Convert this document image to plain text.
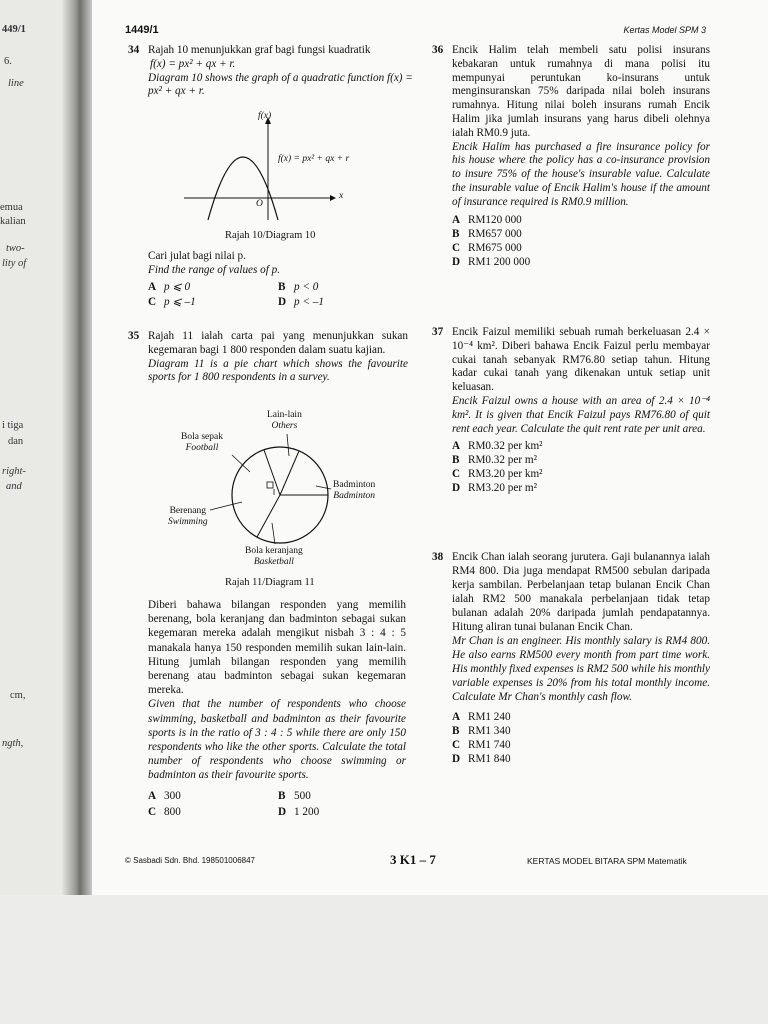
449/1
6.
line
emua
kalian
two-
lity of
i tiga
dan
right-
and
cm,
ngth,
1449/1	Kertas Model SPM 3
34 Rajah 10 menunjukkan graf bagi fungsi kuadratik

f(x) = px² + qx + r.

Diagram 10 shows the graph of a quadratic function f(x) = px² + qx + r.

f(x)
f(x) = px² + qx + r
x
O
Rajah 10/Diagram 10

Cari julat bagi nilai p.

Find the range of values of p.

A p ⩽ 0	B p < 0
C p ⩽ –1	D p < –1
35 Rajah 11 ialah carta pai yang menunjukkan sukan kegemaran bagi 1 800 responden dalam suatu kajian.

Diagram 11 is a pie chart which shows the favourite sports for 1 800 respondents in a survey.

Lain-lain
Others
Bola sepak
Football
Badminton
Badminton
Berenang
Swimming
Bola keranjang
Basketball
Rajah 11/Diagram 11

Diberi bahawa bilangan responden yang memilih berenang, bola keranjang dan badminton sebagai sukan kegemaran mereka adalah mengikut nisbah 3 : 4 : 5 manakala hanya 150 responden memilih sukan lain-lain. Hitung jumlah bilangan responden yang memilih berenang atau badminton sebagai sukan kegemaran mereka.

Given that the number of respondents who choose swimming, basketball and badminton as their favourite sports is in the ratio of 3 : 4 : 5 while there are only 150 respondents who like the other sports. Calculate the total number of respondents who choose swimming or badminton as their favourite sports.

A 300	B 500
C 800	D 1 200
36 Encik Halim telah membeli satu polisi insurans kebakaran untuk rumahnya di mana polisi itu mempunyai peruntukan ko-insurans untuk menginsuranskan 75% daripada nilai boleh insurans rumahnya. Hitung nilai boleh insurans rumah Encik Halim jika jumlah insurans yang harus dibeli olehnya ialah RM0.9 juta.

Encik Halim has purchased a fire insurance policy for his house where the policy has a co-insurance provision to insure 75% of the house's insurable value. Calculate the insurable value of Encik Halim's house if the amount of insurance required is RM0.9 million.

A RM120 000
B RM657 000
C RM675 000
D RM1 200 000
37 Encik Faizul memiliki sebuah rumah berkeluasan 2.4 × 10⁻⁴ km². Diberi bahawa Encik Faizul perlu membayar cukai tanah sebanyak RM76.80 setiap tahun. Hitung kadar cukai tanah yang dikenakan untuk setiap unit keluasan.

Encik Faizul owns a house with an area of 2.4 × 10⁻⁴ km². It is given that Encik Faizul pays RM76.80 of quit rent each year. Calculate the quit rent rate per unit area.

A RM0.32 per km²
B RM0.32 per m²
C RM3.20 per km²
D RM3.20 per m²
38 Encik Chan ialah seorang jurutera. Gaji bulanannya ialah RM4 800. Dia juga mendapat RM500 sebulan daripada kerja sambilan. Perbelanjaan tetap bulanan Encik Chan ialah RM2 500 manakala perbelanjaan tidak tetap bulanan adalah 20% daripada jumlah pendapatannya. Hitung aliran tunai bulanan Encik Chan.

Mr Chan is an engineer. His monthly salary is RM4 800. He also earns RM500 every month from part time work. His monthly fixed expenses is RM2 500 while his monthly variable expenses is 20% from his total monthly income. Calculate Mr Chan's monthly cash flow.

A RM1 240
B RM1 340
C RM1 740
D RM1 840
© Sasbadi Sdn. Bhd. 198501006847	3 K1 – 7	KERTAS MODEL BITARA SPM Matematik
